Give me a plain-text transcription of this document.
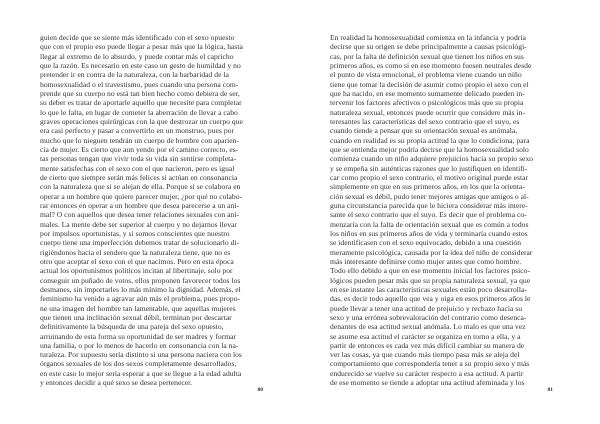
guien decide que se siente más identificado con el sexo opuesto
que con el propio eso puede llegar a pesar más que la lógica, hasta
llegar al extremo de lo absurdo, y puede contar más el capricho
que la razón. Es necesario en este caso un gesto de humildad y no
pretender ir en contra de la naturaleza, con la barbaridad de la
homosexualidad o el travestismo, pues cuando una persona com-
prende que su cuerpo no está tan bien hecho como debiera de ser,
su deber es tratar de aportarle aquello que necesite para completar
lo que le falta, en lugar de cometer la aberración de llevar a cabo
graves operaciones quirúrgicas con la que destrozar un cuerpo que
era casi perfecto y pasar a convertirlo en un monstruo, pues por
mucho que lo nieguen tendrán un cuerpo de hombre con aparien-
cia de mujer. Es cierto que aun yendo por el camino correcto, es-
tas personas tengan que vivir toda su vida sin sentirse completa-
mente satisfechas con el sexo con el que nacieron, pero es igual
de cierto que siempre serán más felices si actúan en consonancia
con la naturaleza que si se alejan de ella. Porque si se colabora en
operar a un hombre que quiere parecer mujer, ¿por qué no colabo-
rar entonces en operar a un hombre que desea parecerse a un ani-
mal? O con aquellos que desea tener relaciones sexuales con ani-
males. La mente debe ser superior al cuerpo y no dejarnos llevar
por impulsos oportunistas, y si somos conscientes que nuestro
cuerpo tiene una imperfección debemos tratar de solucionarlo di-
rigiéndonos hacia el sendero que la naturaleza tiene, que no es
otro que aceptar el sexo con el que nacimos. Pero en esta época
actual los oportunismos políticos incitan al libertinaje, solo por
conseguir un puñado de votos, ellos proponen favorecer todos los
desmanes, sin importarles lo más mínimo la dignidad. Además, el
feminismo ha venido a agravar aún más el problema, pues propo-
ne una imagen del hombre tan lamentable, que aquellas mujeres
que tienen una inclinación sexual débil, terminan por descartar
definitivamente la búsqueda de una pareja del sexo opuesto,
arruinando de esta forma su oportunidad de ser madres y formar
una familia, o por lo menos de hacerlo en consonancia con la na-
turaleza. Por supuesto sería distinto si una persona naciera con los
órganos sexuales de los dos sexos completamente desarrollados,
en este caso lo mejor sería esperar a que se llegue a la edad adulta
y entonces decidir a qué sexo se desea pertenecer.
80
En realidad la homosexualidad comienza en la infancia y podría
decirse que su origen se debe principalmente a causas psicológi-
cas, por la falta de definición sexual que tienen los niños en sus
primeros años, es como si en ese momento fuesen neutrales desde
el punto de vista emocional, el problema viene cuando un niño
tiene que tomar la decisión de asumir como propio el sexo con el
que ha nacido, en ese momento sumamente delicado pueden in-
tervenir los factores afectivos o psicológicos más que su propia
naturaleza sexual, entonces puede ocurrir que considere más in-
teresantes las características del sexo contrario que el suyo, es
cuando tiende a pensar que su orientación sexual es anómala,
cuando en realidad es su propia actitud la que lo condiciona, para
que se entienda mejor podría decirse que la homosexualidad solo
comienza cuando un niño adquiere prejuicios hacia su propio sexo
y se empeña sin auténticas razones que lo justifiquen en identifi-
car como propio el sexo contrario, el motivo original puede estar
simplemente en que en sus primeros años, en los que la orienta-
ción sexual es débil, pudo tener mejores amigas que amigos o al-
guna circunstancia parecida que le hiciera considerar más intere-
sante el sexo contrario que el suyo. Es decir que el problema co-
menzaría con la falta de orientación sexual que es común a todos
los niños en sus primeros años de vida y terminaría cuando estos
se identificasen con el sexo equivocado, debido a una cuestión
meramente psicológica, causada por la idea del niño de considerar
más interesante definirse como mujer antes que como hombre.
Todo ello debido a que en ese momento inicial los factores psico-
lógicos pueden pesar más que su propia naturaleza sexual, ya que
en ese instante las características sexuales están poco desarrolla-
das, es decir todo aquello que vea y oiga en esos primeros años le
puede llevar a tener una actitud de prejuicio y rechazo hacia su
sexo y una errónea sobrevaloración del contrario como desenca-
denantes de esa actitud sexual anómala. Lo malo es que una vez
se asume esa actitud el carácter se organiza en torno a ella, y a
partir de entonces es cada vez más difícil cambiar su manera de
ver las cosas, ya que cuando más tiempo pasa más se aleja del
comportamiento que correspondería tener a su propio sexo y más
endurecido se vuelve su carácter respecto a esa actitud. A partir
de ese momento se tiende a adoptar una actitud afeminada y los
81
